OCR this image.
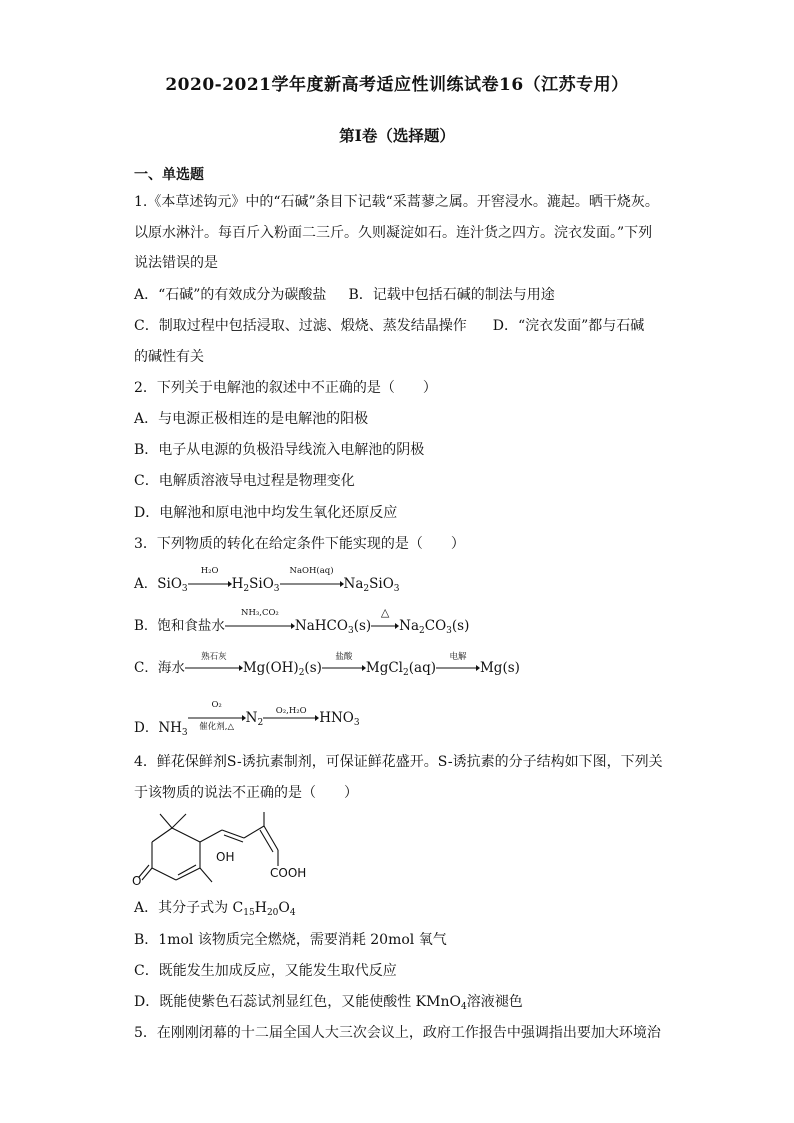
2020-2021学年度新高考适应性训练试卷16（江苏专用）
第I卷（选择题）
一、单选题
1.《本草述钩元》中的“石碱”条目下记载“采蒿蓼之属。开窖浸水。漉起。晒干烧灰。
以原水淋汁。每百斤入粉面二三斤。久则凝淀如石。连汁货之四方。浣衣发面。”下列
说法错误的是
A．“石碱”的有效成分为碳酸盐 B．记载中包括石碱的制法与用途
C．制取过程中包括浸取、过滤、煅烧、蒸发结晶操作 D．“浣衣发面”都与石碱
的碱性有关
2．下列关于电解池的叙述中不正确的是（　　）
A．与电源正极相连的是电解池的阳极
B．电子从电源的负极沿导线流入电解池的阴极
C．电解质溶液导电过程是物理变化
D．电解池和原电池中均发生氧化还原反应
3．下列物质的转化在给定条件下能实现的是（　　）
A．SiO$_3$
H₂O
$H_2SiO_3$
NaOH(aq)
$Na_2SiO_3$
B．饱和食盐水
NH₃,CO₂
NaHCO$_3$(s)
△
$Na_2CO_3(s)$
C．海水
熟石灰
$Mg(OH)_2(s)$
盐酸
MgCl$_2$(aq)
电解
Mg(s)
D．$NH_3$
O₂
催化剂,△
$N_2$
O₂,H₂O $HNO_3$
4．鲜花保鲜剂S-诱抗素制剂，可保证鲜花盛开。S-诱抗素的分子结构如下图，下列关
于该物质的说法不正确的是（　　）
OH
COOH
O
A．其分子式为 $C_{15}H_{20}O_4$
B．1mol 该物质完全燃烧，需要消耗 20mol 氧气
C．既能发生加成反应，又能发生取代反应
D．既能使紫色石蕊试剂显红色，又能使酸性 KMnO$_4$溶液褪色
5．在刚刚闭幕的十二届全国人大三次会议上，政府工作报告中强调指出要加大环境治
